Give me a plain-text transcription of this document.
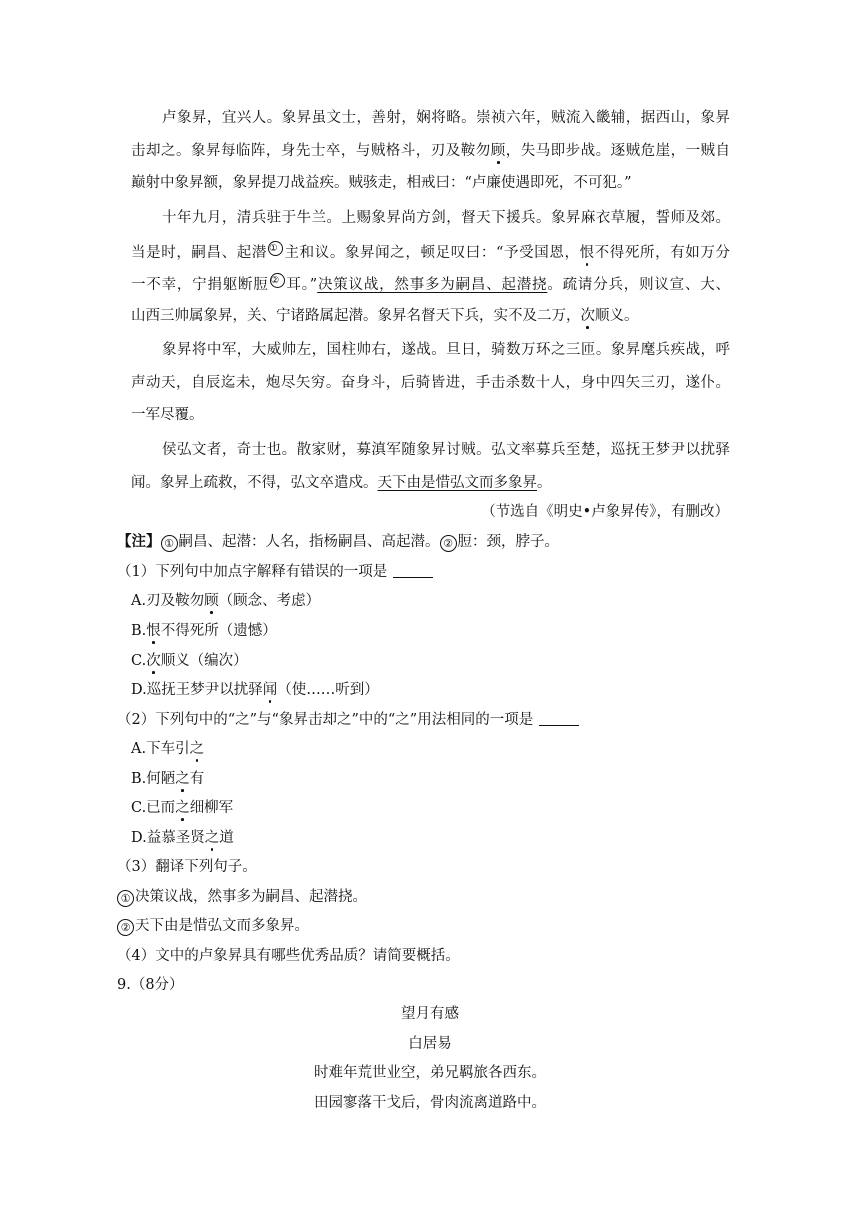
卢象昇，宜兴人。象昇虽文士，善射，娴将略。崇祯六年，贼流入畿辅，据西山，象昇
击却之。象昇每临阵，身先士卒，与贼格斗，刃及鞍勿顾，失马即步战。逐贼危崖，一贼自
巅射中象昇额，象昇提刀战益疾。贼骇走，相戒曰：“卢廉使遇即死，不可犯。”
十年九月，清兵驻于牛兰。上赐象昇尚方剑，督天下援兵。象昇麻衣草履，誓师及郊。
当是时，嗣昌、起潜 ① 主和议。象昇闻之，顿足叹曰：“予受国恩，恨不得死所，有如万分
一不幸，宁捐躯断脰 ② 耳。”决策议战，然事多为嗣昌、起潜挠。疏请分兵，则议宣、大、
山西三帅属象昇，关、宁诸路属起潜。象昇名督天下兵，实不及二万，次顺义。
象昇将中军，大威帅左，国柱帅右，遂战。旦日，骑数万环之三匝。象昇麾兵疾战，呼
声动天，自辰迄未，炮尽矢穷。奋身斗，后骑皆进，手击杀数十人，身中四矢三刃，遂仆。
一军尽覆。
侯弘文者，奇士也。散家财，募滇军随象昇讨贼。弘文率募兵至楚，巡抚王梦尹以扰驿
闻。象昇上疏救，不得，弘文卒遣戍。天下由是惜弘文而多象昇。
（节选自《明史•卢象昇传》，有删改）
【注】 ① 嗣昌、起潜：人名，指杨嗣昌、高起潜。 ② 脰：颈，脖子。
（1）下列句中加点字解释有错误的一项是
A.刃及鞍勿顾（顾念、考虑）
B.恨不得死所（遗憾）
C.次顺义（编次）
D.巡抚王梦尹以扰驿闻（使……听到）
（2）下列句中的“之”与“象昇击却之”中的“之”用法相同的一项是
A.下车引之
B.何陋之有
C.已而之细柳军
D.益慕圣贤之道
（3）翻译下列句子。
① 决策议战，然事多为嗣昌、起潜挠。
② 天下由是惜弘文而多象昇。
（4）文中的卢象昇具有哪些优秀品质？请简要概括。
9.（8分）
望月有感
白居易
时难年荒世业空，弟兄羁旅各西东。
田园寥落干戈后，骨肉流离道路中。
